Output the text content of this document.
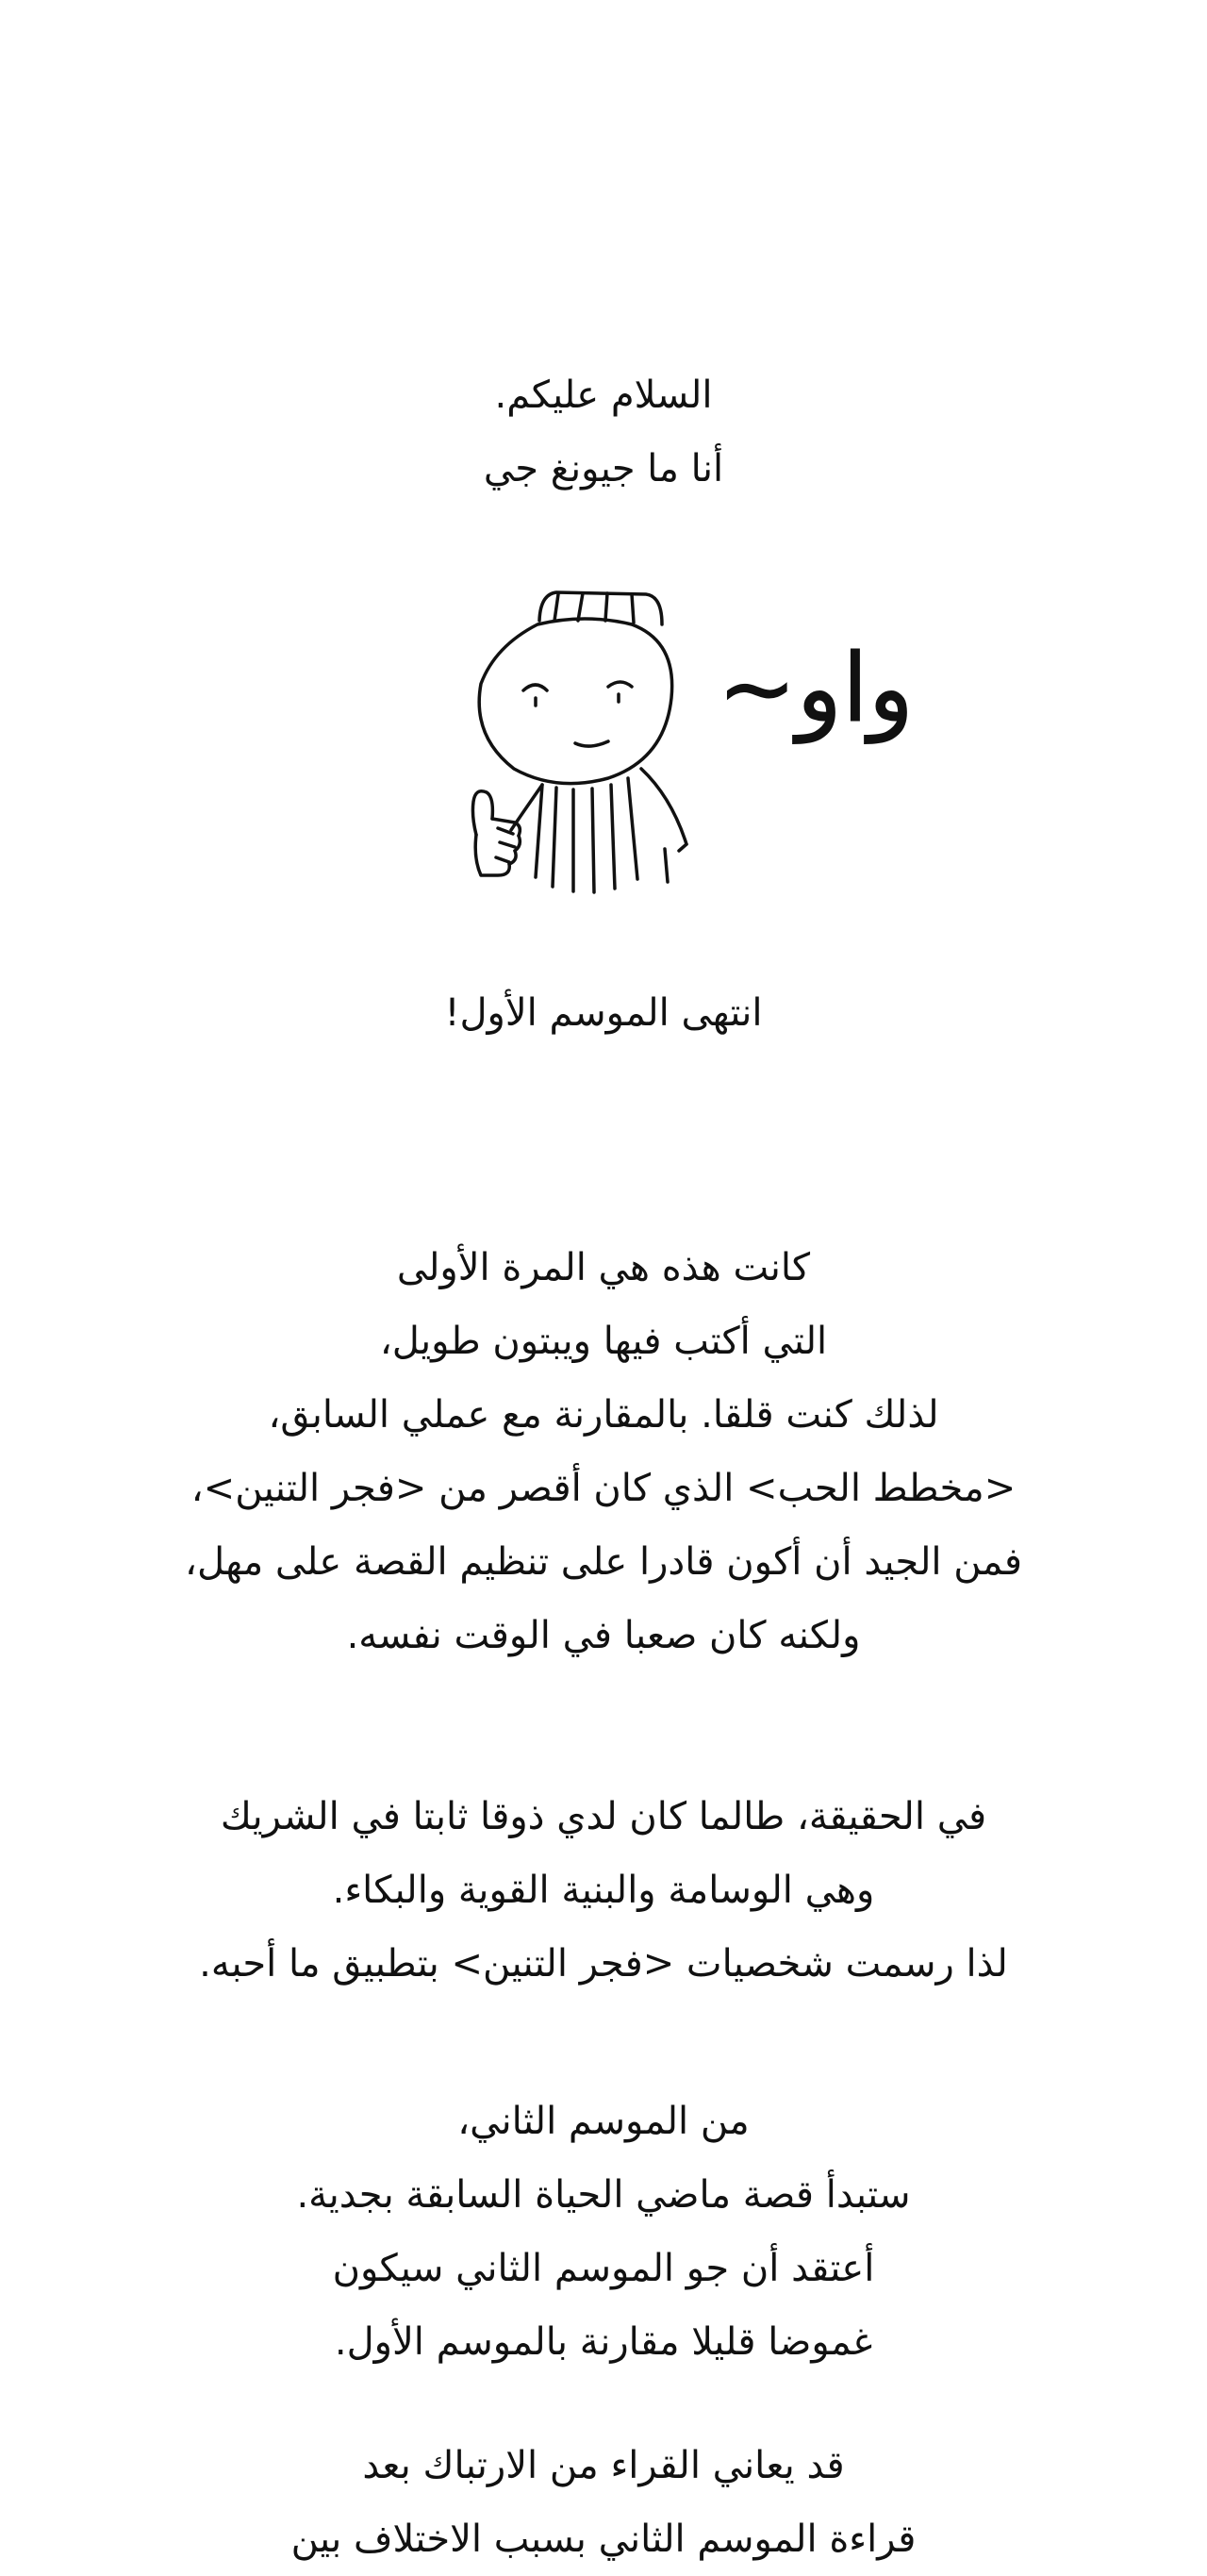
السلام عليكم.
أنا ما جيونغ جي
واو~
انتهى الموسم الأول!
كانت هذه هي المرة الأولى
التي أكتب فيها ويبتون طويل،
لذلك كنت قلقا. بالمقارنة مع عملي السابق،
<مخطط الحب> الذي كان أقصر من <فجر التنين>،
فمن الجيد أن أكون قادرا على تنظيم القصة على مهل،
ولكنه كان صعبا في الوقت نفسه.
في الحقيقة، طالما كان لدي ذوقا ثابتا في الشريك
وهي الوسامة والبنية القوية والبكاء.
لذا رسمت شخصيات <فجر التنين> بتطبيق ما أحبه.
من الموسم الثاني،
ستبدأ قصة ماضي الحياة السابقة بجدية.
أعتقد أن جو الموسم الثاني سيكون
غموضا قليلا مقارنة بالموسم الأول.
قد يعاني القراء من الارتباك بعد
قراءة الموسم الثاني بسبب الاختلاف بين
